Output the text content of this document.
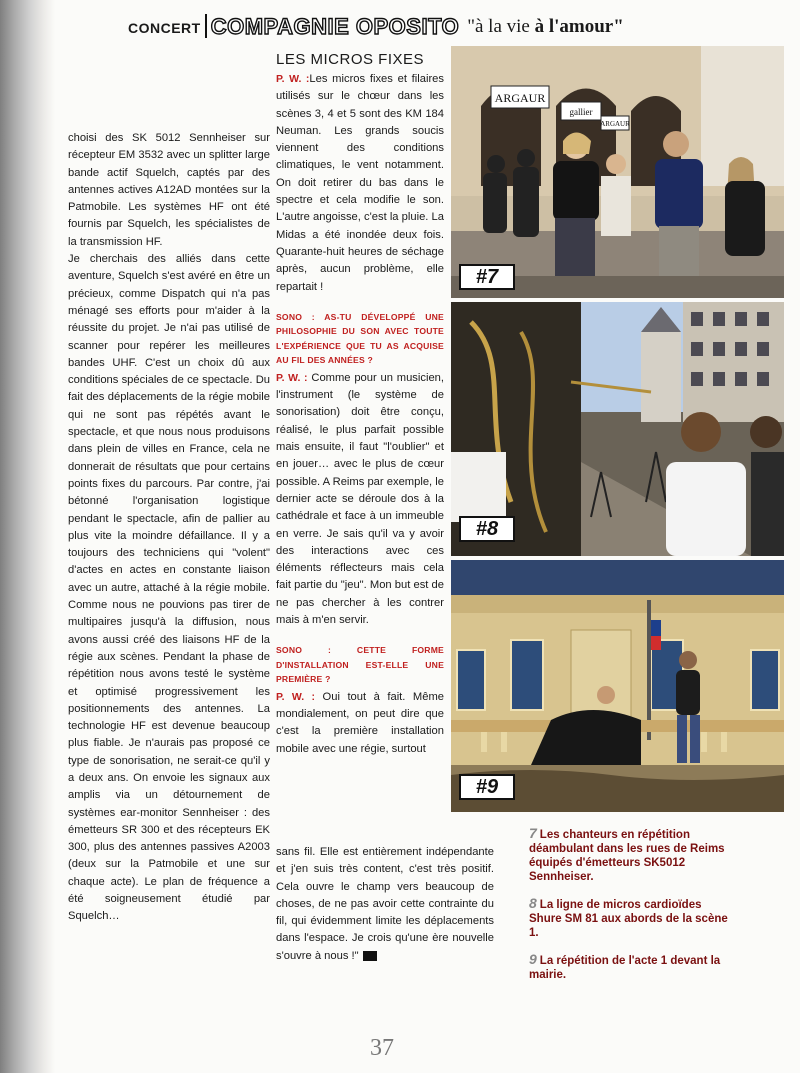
CONCERT COMPAGNIE OPOSITO "à la vie à l'amour"

choisi des SK 5012 Sennheiser sur récepteur EM 3532 avec un splitter large bande actif Squelch, captés par des antennes actives A12AD montées sur la Patmobile. Les systèmes HF ont été fournis par Squelch, les spécialistes de la transmission HF.

Je cherchais des alliés dans cette aventure, Squelch s'est avéré en être un précieux, comme Dispatch qui n'a pas ménagé ses efforts pour m'aider à la réussite du projet. Je n'ai pas utilisé de scanner pour repérer les meilleures bandes UHF. C'est un choix dû aux conditions spéciales de ce spectacle. Du fait des déplacements de la régie mobile qui ne sont pas répétés avant le spectacle, et que nous nous produisons dans plein de villes en France, cela ne donnerait de résultats que pour certains points fixes du parcours. Par contre, j'ai bétonné l'organisation logistique pendant le spectacle, afin de pallier au plus vite la moindre défaillance. Il y a toujours des techniciens qui "volent" d'actes en actes en constante liaison avec un autre, attaché à la régie mobile. Comme nous ne pouvions pas tirer de multipaires jusqu'à la diffusion, nous avons aussi créé des liaisons HF de la régie aux scènes. Pendant la phase de répétition nous avons testé le système et optimisé progressivement les positionnements des antennes. La technologie HF est devenue beaucoup plus fiable. Je n'aurais pas proposé ce type de sonorisation, ne serait-ce qu'il y a deux ans. On envoie les signaux aux amplis via un détournement de systèmes ear-monitor Sennheiser : des émetteurs SR 300 et des récepteurs EK 300, plus des antennes passives A2003 (deux sur la Patmobile et une sur chaque acte). Le plan de fréquence a été soigneusement étudié par Squelch…

LES MICROS FIXES

P. W. :Les micros fixes et filaires utilisés sur le chœur dans les scènes 3, 4 et 5 sont des KM 184 Neuman. Les grands soucis viennent des conditions climatiques, le vent notamment. On doit retirer du bas dans le spectre et cela modifie le son. L'autre angoisse, c'est la pluie. La Midas a été inondée deux fois. Quarante-huit heures de séchage après, aucun problème, elle repartait !

SONO : AS-TU DÉVELOPPÉ UNE PHILOSOPHIE DU SON AVEC TOUTE L'EXPÉRIENCE QUE TU AS ACQUISE AU FIL DES ANNÉES ?

P. W. : Comme pour un musicien, l'instrument (le système de sonorisation) doit être conçu, réalisé, le plus parfait possible mais ensuite, il faut "l'oublier" et en jouer… avec le plus de cœur possible. A Reims par exemple, le dernier acte se déroule dos à la cathédrale et face à un immeuble en verre. Je sais qu'il va y avoir des interactions avec ces éléments réflecteurs mais cela fait partie du "jeu". Mon but est de ne pas chercher à les contrer mais à m'en servir.

SONO :	CETTE FORME D'INSTALLATION EST-ELLE UNE PREMIÈRE ?

P. W. : Oui tout à fait. Même mondialement, on peut dire que c'est la première installation mobile avec une régie, surtout

sans fil. Elle est entièrement indépendante et j'en suis très content, c'est très positif. Cela ouvre le champ vers beaucoup de choses, de ne pas avoir cette contrainte du fil, qui évidemment limite les déplacements dans l'espace. Je crois qu'une ère nouvelle s'ouvre à nous !"
ARGAUR
gallier
ARGAUR
#7
#8
#9
7 Les chanteurs en répétition déambulant dans les rues de Reims équipés d'émetteurs SK5012 Sennheiser.
8 La ligne de micros cardioïdes Shure SM 81 aux abords de la scène 1.
9 La répétition de l'acte 1 devant la mairie.
37
